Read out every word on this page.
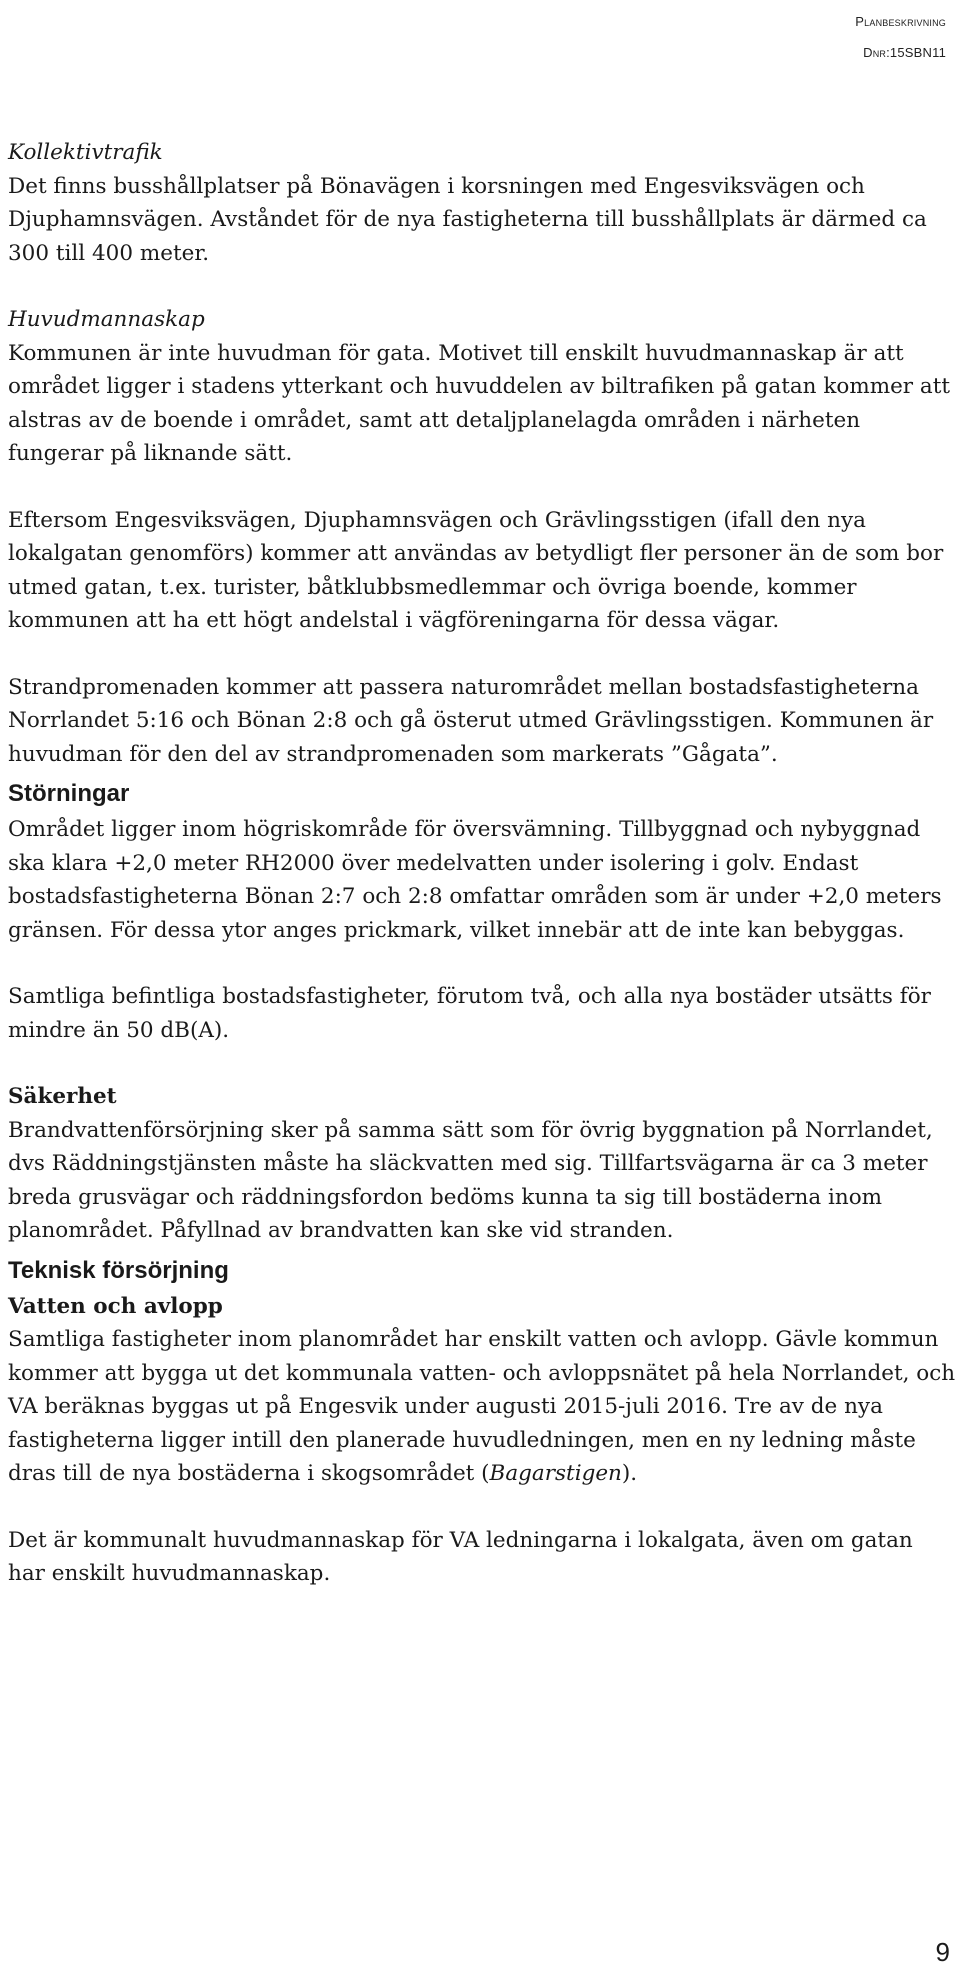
Planbeskrivning
Dnr:15SBN11

Kollektivtrafik
Det finns busshållplatser på Bönavägen i korsningen med Engesviksvägen och Djuphamnsvägen. Avståndet för de nya fastigheterna till busshållplats är därmed ca 300 till 400 meter.

Huvudmannaskap
Kommunen är inte huvudman för gata. Motivet till enskilt huvudmannaskap är att området ligger i stadens ytterkant och huvuddelen av biltrafiken på gatan kommer att alstras av de boende i området, samt att detaljplanelagda områden i närheten fungerar på liknande sätt.

Eftersom Engesviksvägen, Djuphamnsvägen och Grävlingsstigen (ifall den nya lokalgatan genomförs) kommer att användas av betydligt fler personer än de som bor utmed gatan, t.ex. turister, båtklubbsmedlemmar och övriga boende, kommer kommunen att ha ett högt andelstal i vägföreningarna för dessa vägar.

Strandpromenaden kommer att passera naturområdet mellan bostadsfastigheterna Norrlandet 5:16 och Bönan 2:8 och gå österut utmed Grävlingsstigen. Kommunen är huvudman för den del av strandpromenaden som markerats ”Gågata”.

Störningar

Området ligger inom högriskområde för översvämning. Tillbyggnad och nybyggnad ska klara +2,0 meter RH2000 över medelvatten under isolering i golv. Endast bostadsfastigheterna Bönan 2:7 och 2:8 omfattar områden som är under +2,0 meters gränsen. För dessa ytor anges prickmark, vilket innebär att de inte kan bebyggas.

Samtliga befintliga bostadsfastigheter, förutom två, och alla nya bostäder utsätts för mindre än 50 dB(A).

Säkerhet
Brandvattenförsörjning sker på samma sätt som för övrig byggnation på Norrlandet, dvs Räddningstjänsten måste ha släckvatten med sig. Tillfartsvägarna är ca 3 meter breda grusvägar och räddningsfordon bedöms kunna ta sig till bostäderna inom planområdet. Påfyllnad av brandvatten kan ske vid stranden.

Teknisk försörjning
Vatten och avlopp

Samtliga fastigheter inom planområdet har enskilt vatten och avlopp. Gävle kommun kommer att bygga ut det kommunala vatten- och avloppsnätet på hela Norrlandet, och VA beräknas byggas ut på Engesvik under augusti 2015-juli 2016. Tre av de nya fastigheterna ligger intill den planerade huvudledningen, men en ny ledning måste dras till de nya bostäderna i skogsområdet (Bagarstigen).

Det är kommunalt huvudmannaskap för VA ledningarna i lokalgata, även om gatan har enskilt huvudmannaskap.

9
